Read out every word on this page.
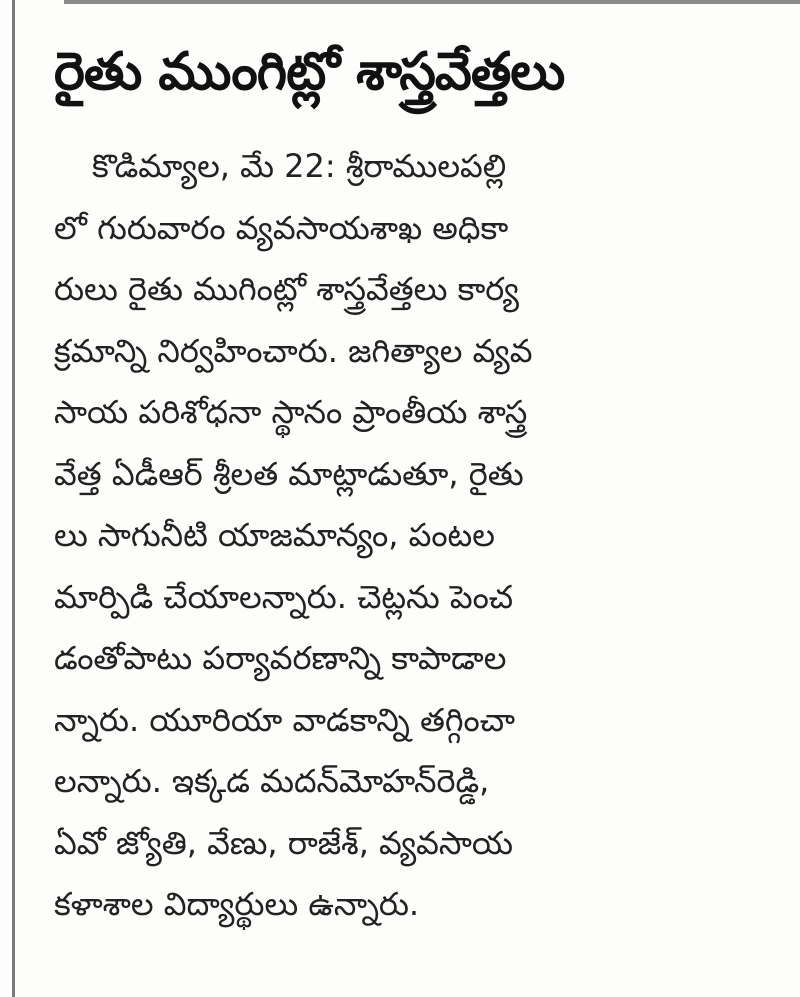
రైతు ముంగిట్లో శాస్త్రవేత్తలు
కొడిమ్యాల, మే 22: శ్రీరాములపల్లి
లో గురువారం వ్యవసాయశాఖ అధికా
రులు రైతు ముగింట్లో శాస్త్రవేత్తలు కార్య
క్రమాన్ని నిర్వహించారు. జగిత్యాల వ్యవ
సాయ పరిశోధనా స్థానం ప్రాంతీయ శాస్త్ర
వేత్త ఏడీఆర్ శ్రీలత మాట్లాడుతూ, రైతు
లు సాగునీటి యాజమాన్యం, పంటల
మార్పిడి చేయాలన్నారు. చెట్లను పెంచ
డంతోపాటు పర్యావరణాన్ని కాపాడాల
న్నారు. యూరియా వాడకాన్ని తగ్గించా
లన్నారు. ఇక్కడ మదన్‌మోహన్‌రెడ్డి,
ఏవో జ్యోతి, వేణు, రాజేశ్, వ్యవసాయ
కళాశాల విద్యార్థులు ఉన్నారు.
